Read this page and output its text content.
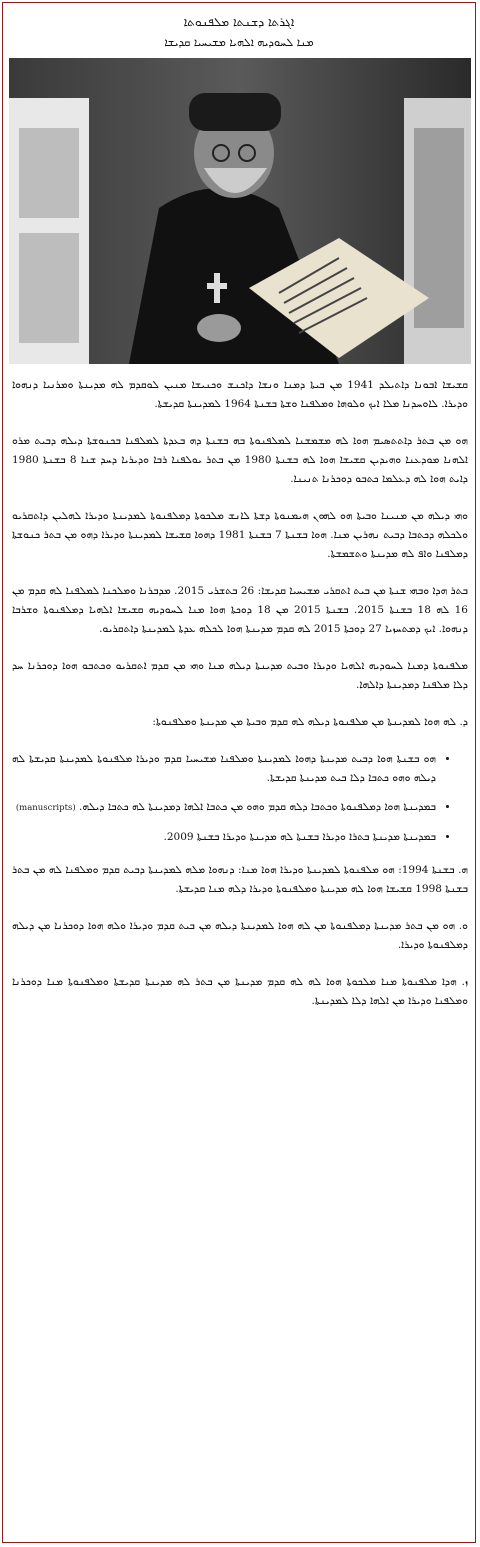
ܐܓܪܬܐ ܕܫܢܬܐ ܡܠܦܢܘܬܐ
ܡܢܐ ܠܚܘܕܝܗ ܐܠܗܝܐ ܡܫܝܚܝܐ ܩܕܝܫܐ

ܩܫܝܫܐ ܐܒܘܢܐ ܕܐܬܝܠܕ 1941 ܡܢ ܒܝܬܐ ܕܡܢܐ ܘܢܫܐ ܕܐܟܢܫ ܘܟܢܝܫܐ ܡܢܝܢ ܠܘܩܕܡ ܠܗ ܡܕܝܢܬܐ ܘܡܪܢܝܐ ܕܢܗܘܐ ܘܕܝܪܐ. ܠܐܘܚܕܢܐ ܡܠܐ ܐܝܟ ܘܠܘܗܐ ܘܡܠܦܢܐ ܘܫܬܐ ܒܫܢܬܐ 1964 ܠܡܕܝܢܬܐ ܩܕܝܫܬܐ.

ܗܘ ܡܢ ܒܬܪ ܕܐܬܬܣܝܡ ܗܘܐ ܠܗ ܡܫܡܫܢܐ ܠܡܠܦܢܘܬܐ ܒܗ ܒܫܢܬܐ ܕܗ ܒܥܕܬܐ ܠܡܠܦܢܐ ܒܟܢܘܫܬܐ ܕܝܠܗ ܕܒܝܬ ܡܪܘ ܐܠܗܢܐ ܡܘܕܥܢܐ ܘܗܝܕܝܢ ܩܫܝܫܐ ܗܘܐ ܠܗ ܒܫܢܬܐ 1980 ܡܢ ܒܬܪ ܝܘܠܦܢܐ ܪܒܐ ܘܕܝܪܝܐ ܕܚܕ ܫܢܐ 8 ܒܫܢܬܐ 1980 ܕܐܝܬ ܗܘܐ ܠܗ ܕܥܠܡܐ ܟܬܒܘ ܕܘܟܪܢܐ ܬܢܝܢܐ.

ܘܗܝ ܕܝܠܗ ܡܢ ܡܢܝܢܐ ܘܒܝܬܐ ܗܘ ܠܗܘܢ ܗܝܡܢܘܬܐ ܕܫܬܐ ܠܐܢܫ ܡܠܟܘܬܐ ܕܡܠܦܢܘܬܐ ܠܡܕܝܢܬܐ ܘܕܝܪܐ ܠܗܠܝܢ ܕܐܬܩܪܝܘ ܘܠܟܠܗ ܕܟܬܒܐ ܕܒܝܬ ܢܗܪܝܢ ܡܢܐ. ܗܘܐ ܒܫܢܬܐ 7 ܒܫܢܬܐ 1981 ܕܗܘܐ ܩܫܝܫܐ ܠܡܕܝܢܬܐ ܘܕܝܪܐ ܕܗܘ ܡܢ ܒܬܪ ܟܢܘܫܬܐ ܕܡܠܦܢܐ ܘܐܦ ܠܗ ܡܕܝܢܬܐ ܘܬܫܡܫܬܐ.

ܒܬܪ ܗܕܐ ܘܒܗܝ ܫܢܬܐ ܡܢ ܒܝܬ ܐܬܩܪܝ ܡܫܝܚܝܐ ܩܕܝܫܐ: 26 ܒܬܫܪܝ 2015. ܡܕܒܪܢܐ ܘܡܠܟܢܐ ܠܡܠܦܢܐ ܠܗ ܩܕܡ ܡܢ 16 ܠܗ 18 ܒܫܢܬܐ 2015. ܒܫܢܬܐ 2015 ܡܢ 18 ܕܘܟܬܐ ܗܘܐ ܡܢܐ ܠܚܘܕܝܗ ܩܫܝܫܐ ܐܠܗܝܐ ܕܡܠܦܢܘܬܐ ܘܫܪܒܐ ܕܢܗܘܐ. ܐܝܟ ܕܡܬܚܙܝܐ 27 ܕܘܟܬܐ 2015 ܠܗ ܩܕܡ ܡܕܝܢܬܐ ܗܘܐ ܠܟܠܗ ܥܕܬܐ ܠܡܕܝܢܬܐ ܕܐܬܩܪܝܘ.

ܡܠܦܢܘܬܐ ܕܡܢܐ ܠܚܘܕܝܗ ܐܠܗܝܐ ܘܕܝܪܐ ܘܒܝܬ ܡܕܝܢܬܐ ܕܝܠܗ ܡܢܐ ܘܗܝ ܡܢ ܩܕܡ ܐܬܩܪܝܘ ܘܟܬܒܘ ܗܘܐ ܕܘܟܪܢܐ ܚܕ ܕܠܐ ܡܠܦܢܐ ܕܡܕܝܢܬܐ ܕܐܠܗܐ.

ܕ. ܠܗ ܗܘܐ ܠܡܕܝܢܬܐ ܡܢ ܡܠܦܢܘܬܐ ܕܝܠܗ ܠܗ ܩܕܡ ܘܒܝܬܐ ܡܢ ܡܕܝܢܬܐ ܘܡܠܦܢܘܬܐ:

• ܗܘ ܒܫܢܬܐ ܗܘܐ ܕܒܝܬ ܡܕܝܢܬܐ ܕܗܘܐ ܠܡܕܝܢܬܐ ܘܡܠܦܢܐ ܡܫܝܚܝܐ ܩܕܡ ܘܕܝܪܐ ܡܠܦܢܘܬܐ ܠܡܕܝܢܬܐ ܩܕܝܫܬܐ ܠܗ ܕܝܠܗ ܘܗܘ ܟܬܒܐ ܕܠܐ ܒܝܬ ܡܕܝܢܬܐ ܩܕܝܫܬܐ.
• ܒܡܕܝܢܬܐ ܗܘܐ ܕܡܠܦܢܘܬܐ ܘܟܬܒܐ ܕܠܗ ܩܕܡ ܘܗܘ ܡܢ ܟܬܒܐ ܐܠܗܐ ܕܡܕܝܢܬܐ ܠܗ ܟܬܒܐ ܕܝܠܗ. (manuscripts)
• ܒܡܕܝܢܬܐ ܡܕܝܢܬܐ ܒܬܪܐ ܘܕܝܪܐ ܒܫܢܬܐ ܠܗ ܡܕܝܢܬܐ ܘܕܝܪܐ ܒܫܢܬܐ 2009.

ܗ. ܒܫܢܬܐ 1994: ܗܘ ܡܠܦܢܘܬܐ ܠܡܕܝܢܬܐ ܘܕܝܪܐ ܗܘܐ ܡܢܐ: ܕܢܗܘܐ ܡܠܗ ܠܡܕܝܢܬܐ ܕܒܝܬ ܩܕܡ ܘܡܠܦܢܐ ܠܗ ܡܢ ܒܬܪ ܒܫܢܬܐ 1998 ܩܫܝܫܐ ܗܘܐ ܠܗ ܡܕܝܢܬܐ ܘܡܠܦܢܘܬܐ ܘܕܝܪܐ ܕܠܗ ܡܢܐ ܩܕܝܫܬܐ.

ܘ. ܗܘ ܡܢ ܒܬܪ ܡܕܝܢܬܐ ܕܡܠܦܢܘܬܐ ܡܢ ܠܗ ܗܘܐ ܠܡܕܝܢܬܐ ܕܝܠܗ ܡܢ ܒܝܬ ܩܕܡ ܘܕܝܪܐ ܘܠܗ ܗܘܐ ܕܘܟܪܢܐ ܡܢ ܕܝܠܗ ܕܡܠܦܢܘܬܐ ܘܕܝܪܐ.

ܙ. ܗܕܐ ܡܠܦܢܘܬܐ ܡܢܐ ܡܠܟܘܬܐ ܗܘܐ ܠܗ ܠܗ ܩܕܡ ܡܕܝܢܬܐ ܡܢ ܒܬܪ ܠܗ ܡܕܝܢܬܐ ܩܕܝܫܬܐ ܘܡܠܦܢܘܬܐ ܡܢܐ ܕܘܟܪܢܐ ܘܡܠܦܢܐ ܘܕܝܪܐ ܡܢ ܐܠܗܐ ܕܠܐ ܠܡܕܝܢܬܐ.
